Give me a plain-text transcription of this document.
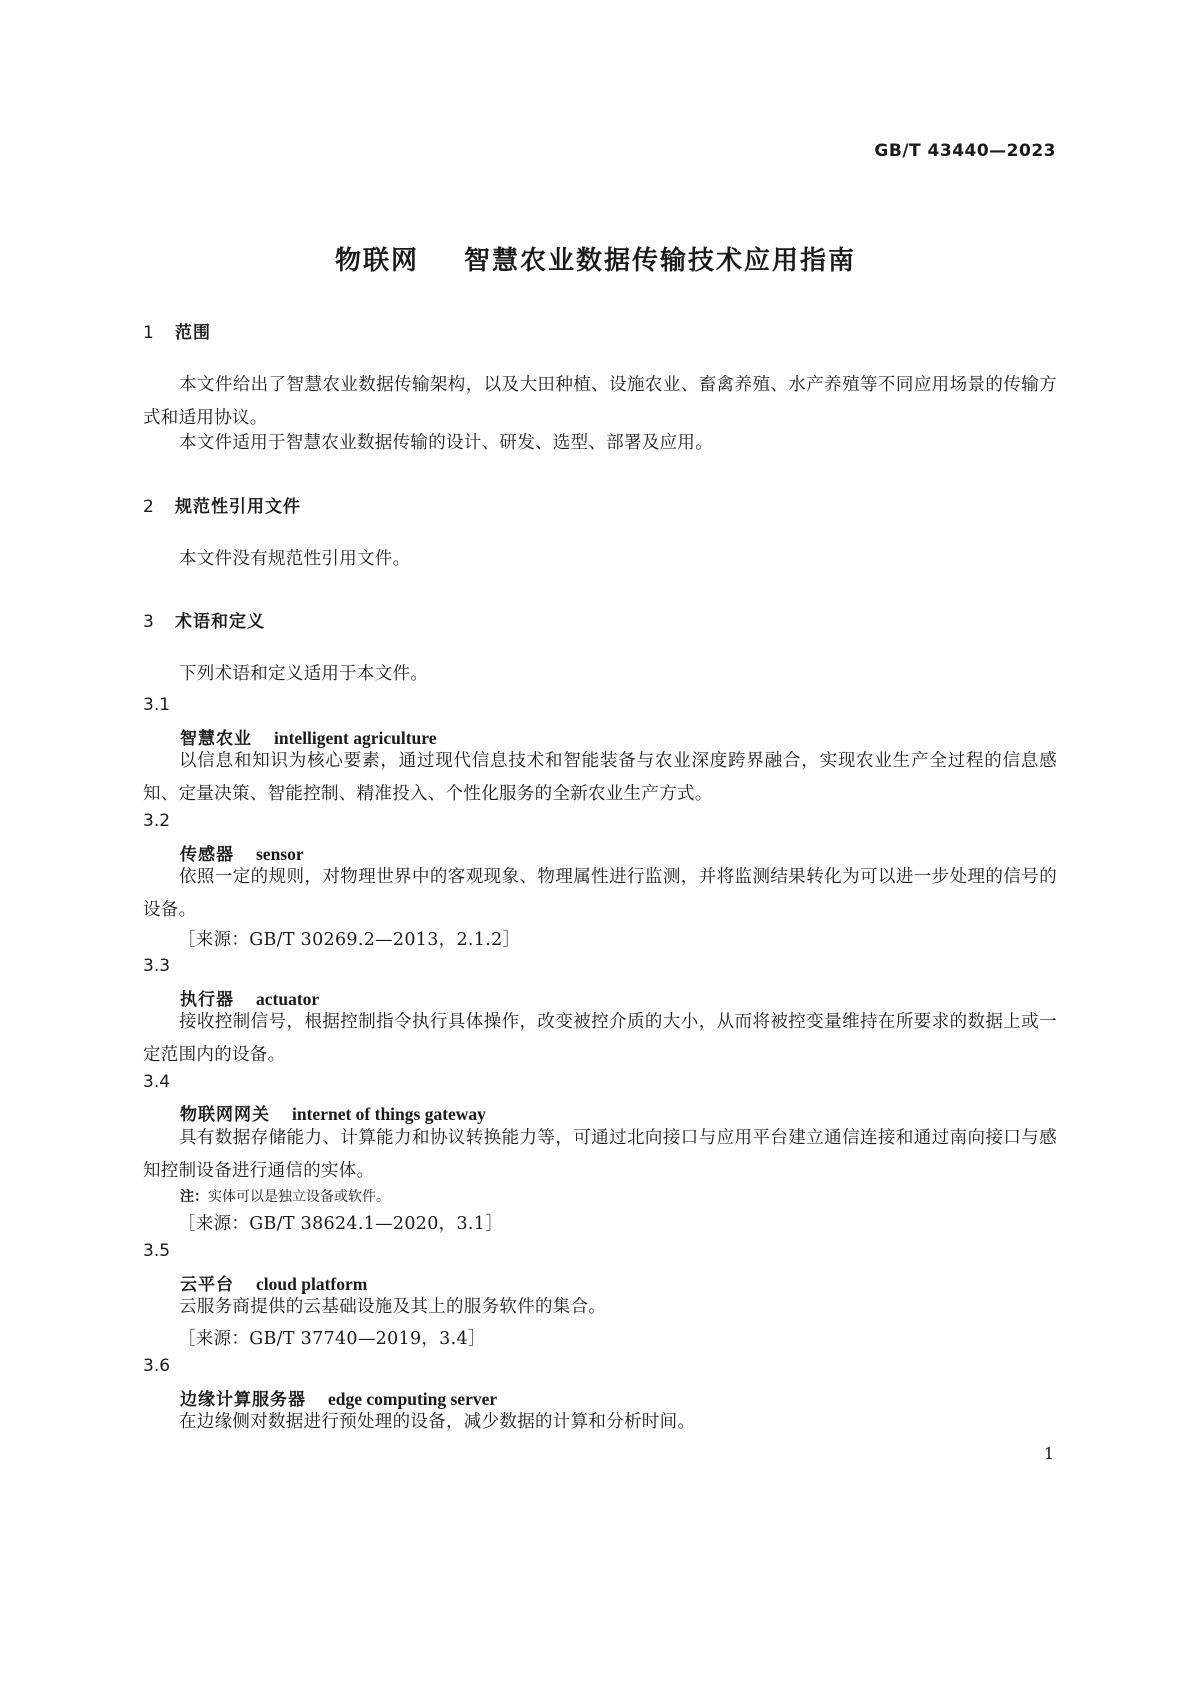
GB/T 43440—2023
物联网 智慧农业数据传输技术应用指南
1 范围
本文件给出了智慧农业数据传输架构，以及大田种植、设施农业、畜禽养殖、水产养殖等不同应用场景的传输方式和适用协议。
本文件适用于智慧农业数据传输的设计、研发、选型、部署及应用。
2 规范性引用文件
本文件没有规范性引用文件。
3 术语和定义
下列术语和定义适用于本文件。
3.1
智慧农业 intelligent agriculture
以信息和知识为核心要素，通过现代信息技术和智能装备与农业深度跨界融合，实现农业生产全过程的信息感知、定量决策、智能控制、精准投入、个性化服务的全新农业生产方式。
3.2
传感器 sensor
依照一定的规则，对物理世界中的客观现象、物理属性进行监测，并将监测结果转化为可以进一步处理的信号的设备。
［来源：GB/T 30269.2—2013，2.1.2］
3.3
执行器 actuator
接收控制信号，根据控制指令执行具体操作，改变被控介质的大小，从而将被控变量维持在所要求的数据上或一定范围内的设备。
3.4
物联网网关 internet of things gateway
具有数据存储能力、计算能力和协议转换能力等，可通过北向接口与应用平台建立通信连接和通过南向接口与感知控制设备进行通信的实体。
注：实体可以是独立设备或软件。
［来源：GB/T 38624.1—2020，3.1］
3.5
云平台 cloud platform
云服务商提供的云基础设施及其上的服务软件的集合。
［来源：GB/T 37740—2019，3.4］
3.6
边缘计算服务器 edge computing server
在边缘侧对数据进行预处理的设备，减少数据的计算和分析时间。
1
